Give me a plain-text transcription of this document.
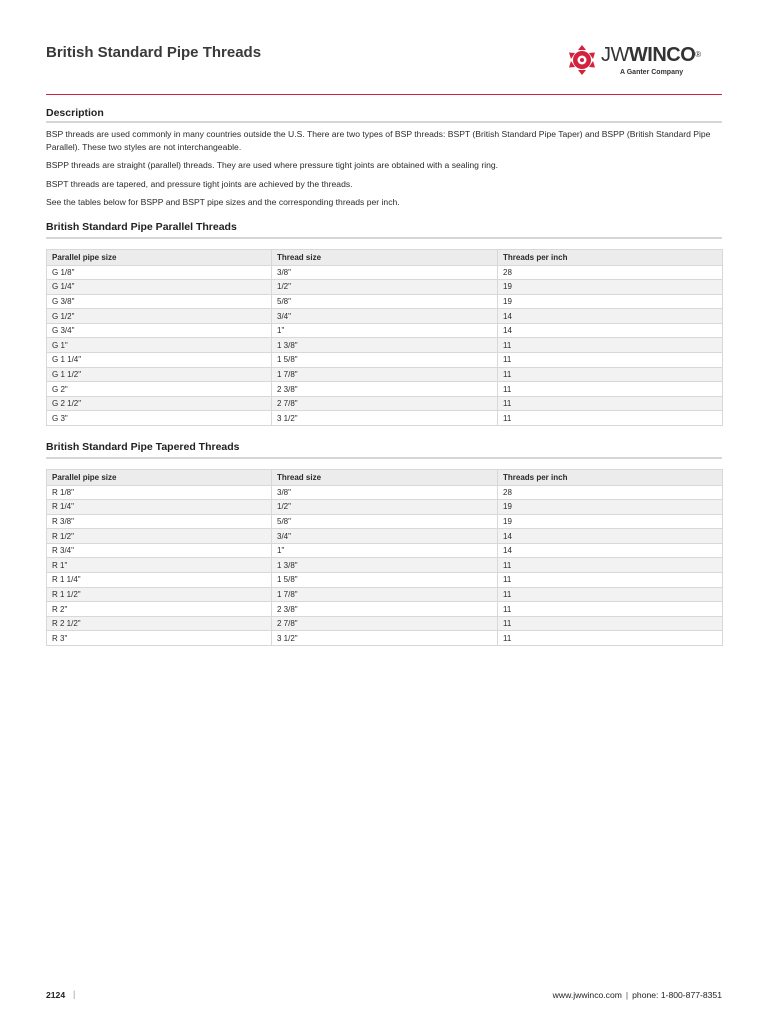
British Standard Pipe Threads	JWWINCO®
A Ganter Company
Description

BSP threads are used commonly in many countries outside the U.S. There are two types of BSP threads: BSPT (British Standard Pipe Taper) and BSPP (British Standard Pipe Parallel). These two styles are not interchangeable.

BSPP threads are straight (parallel) threads. They are used where pressure tight joints are obtained with a sealing ring.

BSPT threads are tapered, and pressure tight joints are achieved by the threads.

See the tables below for BSPP and BSPT pipe sizes and the corresponding threads per inch.

British Standard Pipe Parallel Threads
Parallel pipe size	Thread size	Threads per inch
G 1/8"	3/8"	28
G 1/4"	1/2"	19
G 3/8"	5/8"	19
G 1/2"	3/4"	14
G 3/4"	1"	14
G 1"	1 3/8"	11
G 1 1/4"	1 5/8"	11
G 1 1/2"	1 7/8"	11
G 2"	2 3/8"	11
G 2 1/2"	2 7/8"	11
G 3"	3 1/2"	11
British Standard Pipe Tapered Threads
Parallel pipe size	Thread size	Threads per inch
R 1/8"	3/8"	28
R 1/4"	1/2"	19
R 3/8"	5/8"	19
R 1/2"	3/4"	14
R 3/4"	1"	14
R 1"	1 3/8"	11
R 1 1/4"	1 5/8"	11
R 1 1/2"	1 7/8"	11
R 2"	2 3/8"	11
R 2 1/2"	2 7/8"	11
R 3"	3 1/2"	11
2124 |	www.jwwinco.com | phone: 1-800-877-8351
